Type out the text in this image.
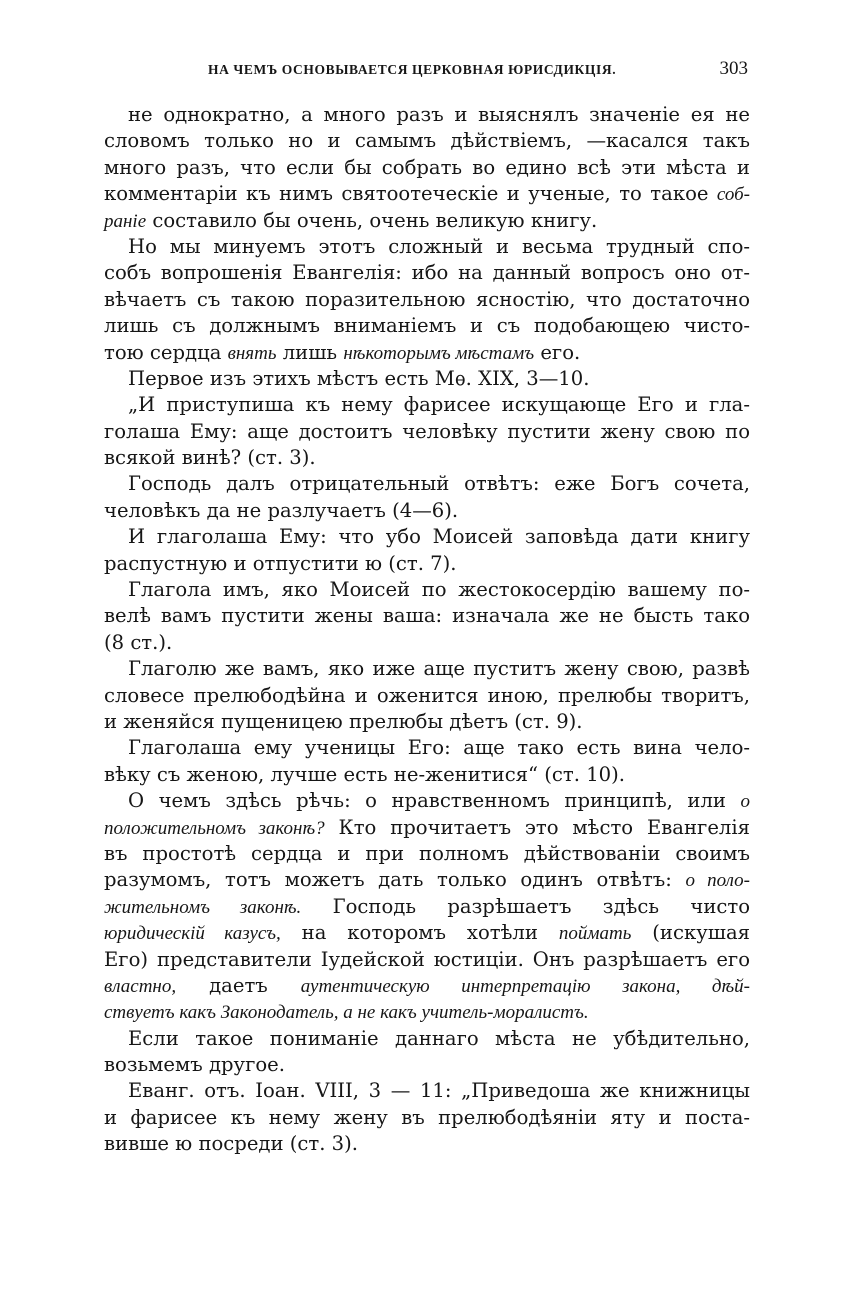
НА ЧЕМЪ ОСНОВЫВАЕТСЯ ЦЕРКОВНАЯ ЮРИСДИКЦІЯ.	303
не однократно, а много разъ и выяснялъ значеніе ея не
словомъ только но и самымъ дѣйствіемъ, —касался такъ
много разъ, что если бы собрать во едино всѣ эти мѣста и
комментаріи къ нимъ святоотеческіе и ученые, то такое соб-
раніе составило бы очень, очень великую книгу.
Но мы минуемъ этотъ сложный и весьма трудный спо-
собъ вопрошенія Евангелія: ибо на данный вопросъ оно от-
вѣчаетъ съ такою поразительною ясностію, что достаточно
лишь съ должнымъ вниманіемъ и съ подобающею чисто-
тою сердца внять лишь нѣкоторымъ мѣстамъ его.
Первое изъ этихъ мѣстъ есть Мѳ. XIX, 3—10.
„И приступиша къ нему фарисее искущающе Его и гла-
голаша Ему: аще достоитъ человѣку пустити жену свою по
всякой винѣ? (ст. 3).
Господь далъ отрицательный отвѣтъ: еже Богъ сочета,
человѣкъ да не разлучаетъ (4—6).
И глаголаша Ему: что убо Моисей заповѣда дати книгу
распустную и отпустити ю (ст. 7).
Глагола имъ, яко Моисей по жестокосердію вашему по-
велѣ вамъ пустити жены ваша: изначала же не бысть тако
(8 ст.).
Глаголю же вамъ, яко иже аще пуститъ жену свою, развѣ
словесе прелюбодѣйна и оженится иною, прелюбы творитъ,
и женяйся пущеницею прелюбы дѣетъ (ст. 9).
Глаголаша ему ученицы Его: аще тако есть вина чело-
вѣку съ женою, лучше есть не-женитися“ (ст. 10).
О чемъ здѣсь рѣчь: о нравственномъ принципѣ, или о
положительномъ законѣ? Кто прочитаетъ это мѣсто Евангелія
въ простотѣ сердца и при полномъ дѣйствованіи своимъ
разумомъ, тотъ можетъ дать только одинъ отвѣтъ: о поло-
жительномъ законѣ. Господь разрѣшаетъ здѣсь чисто
юридическій казусъ, на которомъ хотѣли поймать (искушая
Его) представители Іудейской юстиціи. Онъ разрѣшаетъ его
властно, даетъ аутентическую интерпретацію закона, дѣй-
ствуетъ какъ Законодатель, а не какъ учитель-моралистъ.
Если такое пониманіе даннаго мѣста не убѣдительно,
возьмемъ другое.
Еванг. отъ. Іоан. VIII, 3 — 11: „Приведоша же книжницы
и фарисее къ нему жену въ прелюбодѣяніи яту и поста-
вивше ю посреди (ст. 3).
